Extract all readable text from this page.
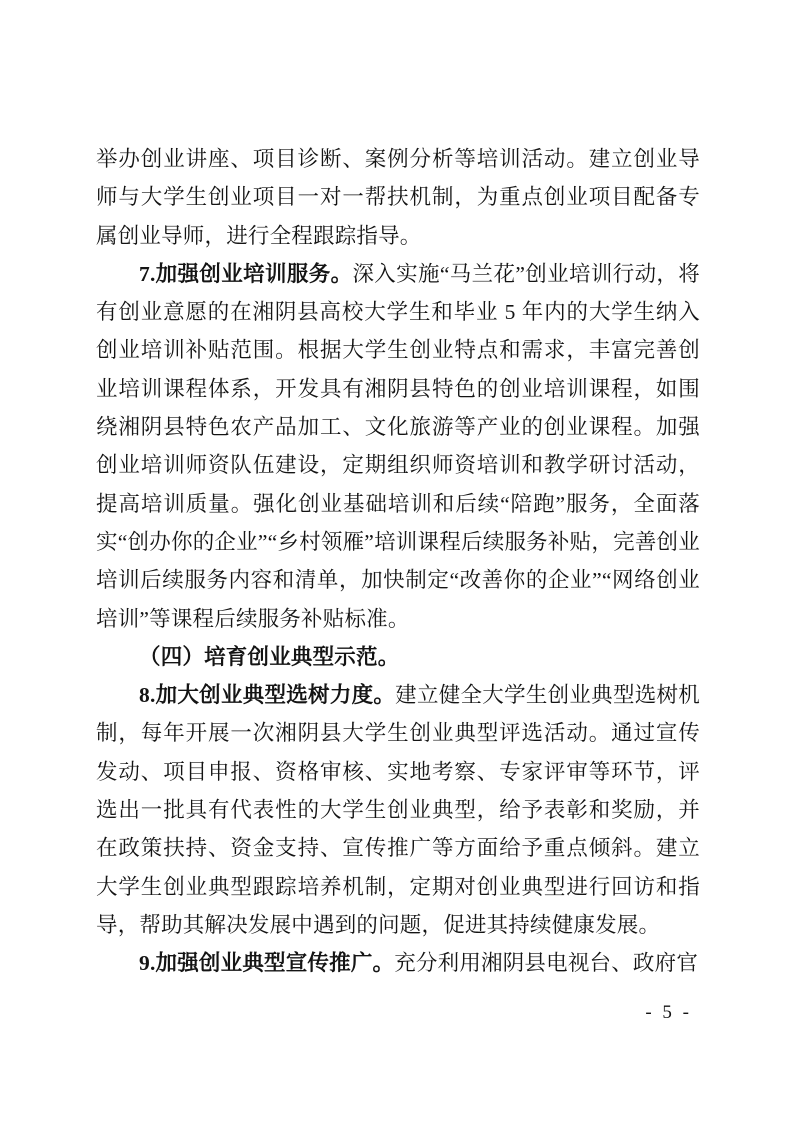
举办创业讲座、项目诊断、案例分析等培训活动。建立创业导师与大学生创业项目一对一帮扶机制，为重点创业项目配备专属创业导师，进行全程跟踪指导。

7.加强创业培训服务。深入实施“马兰花”创业培训行动，将有创业意愿的在湘阴县高校大学生和毕业 5 年内的大学生纳入创业培训补贴范围。根据大学生创业特点和需求，丰富完善创业培训课程体系，开发具有湘阴县特色的创业培训课程，如围绕湘阴县特色农产品加工、文化旅游等产业的创业课程。加强创业培训师资队伍建设，定期组织师资培训和教学研讨活动，提高培训质量。强化创业基础培训和后续“陪跑”服务，全面落实“创办你的企业”“乡村领雁”培训课程后续服务补贴，完善创业培训后续服务内容和清单，加快制定“改善你的企业”“网络创业培训”等课程后续服务补贴标准。

（四）培育创业典型示范。

8.加大创业典型选树力度。建立健全大学生创业典型选树机制，每年开展一次湘阴县大学生创业典型评选活动。通过宣传发动、项目申报、资格审核、实地考察、专家评审等环节，评选出一批具有代表性的大学生创业典型，给予表彰和奖励，并在政策扶持、资金支持、宣传推广等方面给予重点倾斜。建立大学生创业典型跟踪培养机制，定期对创业典型进行回访和指导，帮助其解决发展中遇到的问题，促进其持续健康发展。

9.加强创业典型宣传推广。充分利用湘阴县电视台、政府官

- 5 -
